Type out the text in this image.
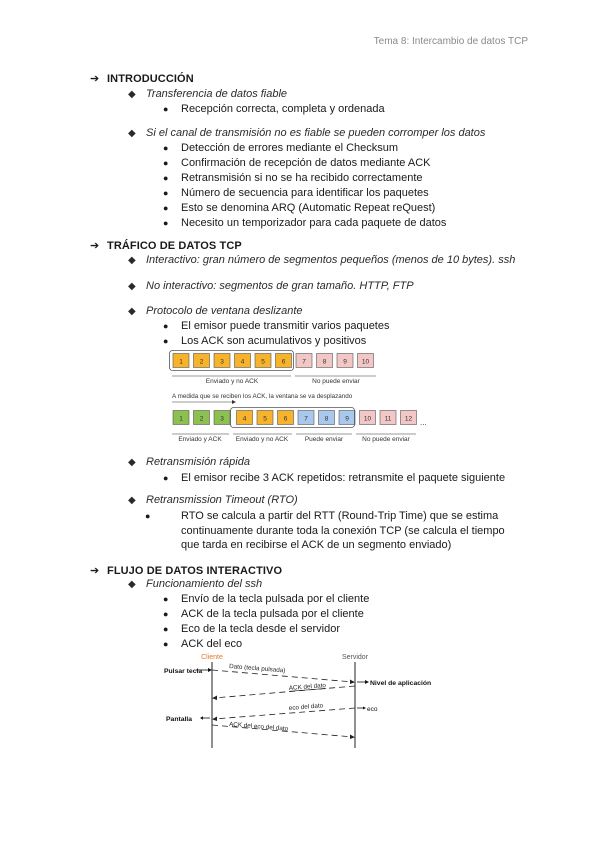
Tema 8: Intercambio de datos TCP
➔ INTRODUCCIÓN
◆ Transferencia de datos fiable
● Recepción correcta, completa y ordenada
◆ Si el canal de transmisión no es fiable se pueden corromper los datos
● Detección de errores mediante el Checksum
● Confirmación de recepción de datos mediante ACK
● Retransmisión si no se ha recibido correctamente
● Número de secuencia para identificar los paquetes
● Esto se denomina ARQ (Automatic Repeat reQuest)
● Necesito un temporizador para cada paquete de datos
➔ TRÁFICO DE DATOS TCP
◆ Interactivo: gran número de segmentos pequeños (menos de 10 bytes). ssh
◆ No interactivo: segmentos de gran tamaño. HTTP, FTP
◆ Protocolo de ventana deslizante
● El emisor puede transmitir varios paquetes
● Los ACK son acumulativos y positivos
1	2	3	4	5	6	7	8	9 10
Enviado y no ACK	No puede enviar
A medida que se reciben los ACK, la ventana se va desplazando
1	2	3	4	5	6	7	8	9 10 11 12 ...
Enviado y ACK Enviado y no ACK	Puede enviar	No puede enviar
◆ Retransmisión rápida
● El emisor recibe 3 ACK repetidos: retransmite el paquete siguiente
◆ Retransmission Timeout (RTO)
●	RTO se calcula a partir del RTT (Round-Trip Time) que se estima continuamente durante toda la conexión TCP (se calcula el tiempo que tarda en recibirse el ACK de un segmento enviado)
➔ FLUJO DE DATOS INTERACTIVO
◆ Funcionamiento del ssh
● Envío de la tecla pulsada por el cliente
● ACK de la tecla pulsada por el cliente
● Eco de la tecla desde el servidor
● ACK del eco
Cliente	Servidor
Pulsar tecla	Dato (tecla pulsada)
Nivel de aplicación
ACK del dato
eco del dato	eco
Pantalla
ACK del eco del dato
